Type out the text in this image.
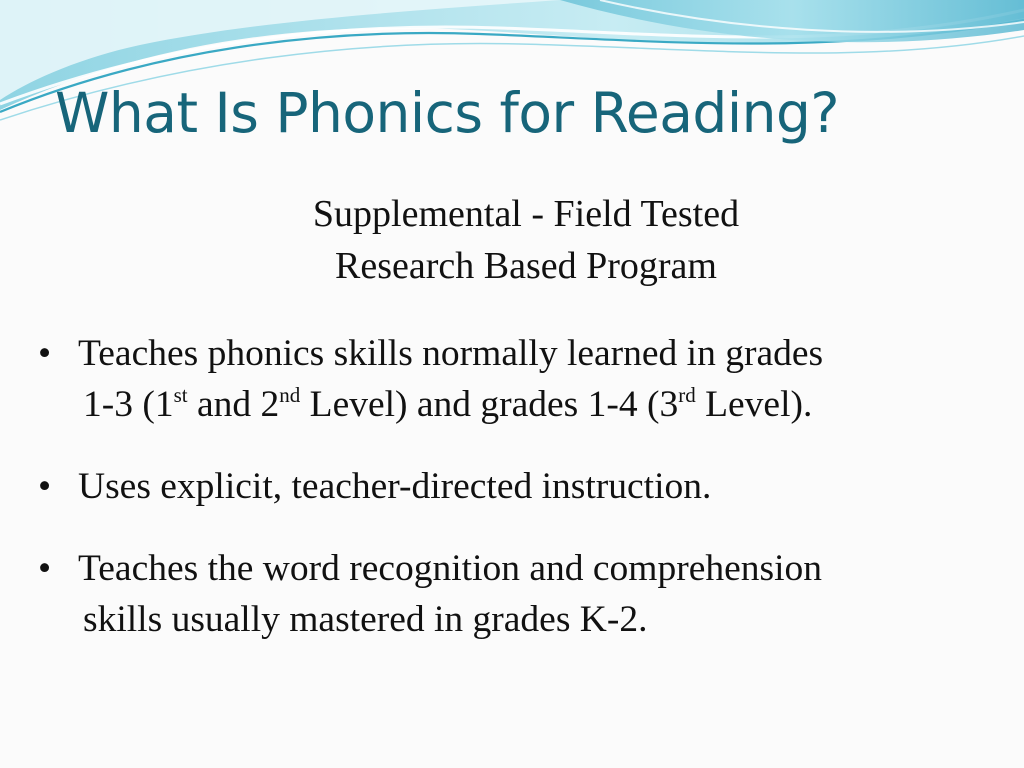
What Is Phonics for Reading?
Supplemental - Field Tested
Research Based Program
• Teaches phonics skills normally learned in grades
1-3 (1st and 2nd Level) and grades 1-4 (3rd Level).
• Uses explicit, teacher-directed instruction.
• Teaches the word recognition and comprehension
skills usually mastered in grades K-2.
